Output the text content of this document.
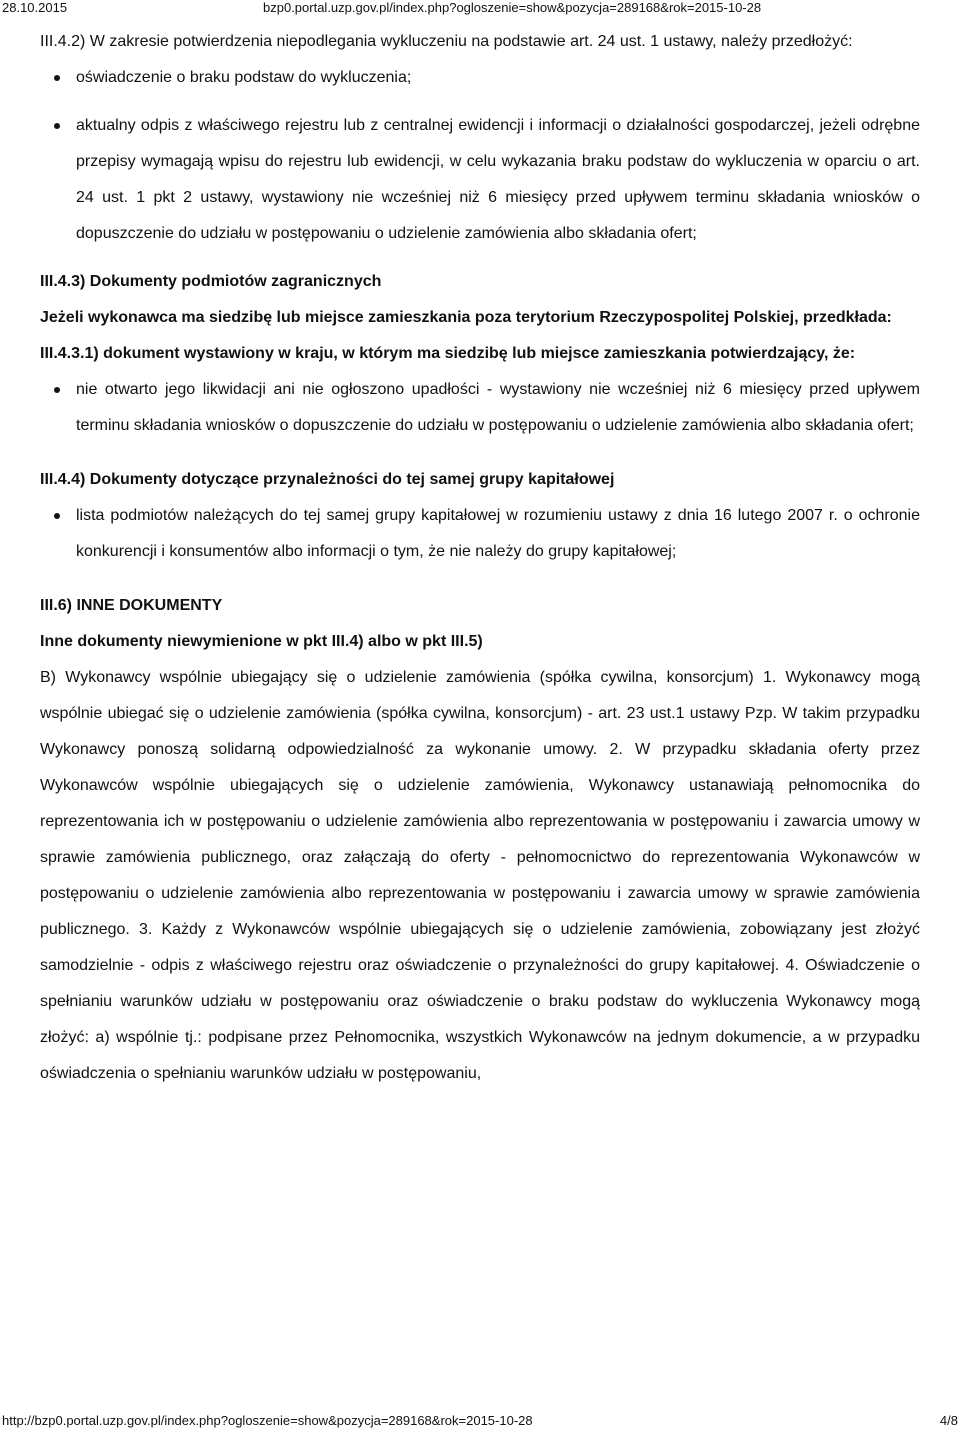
28.10.2015	bzp0.portal.uzp.gov.pl/index.php?ogloszenie=show&pozycja=289168&rok=2015-10-28

III.4.2) W zakresie potwierdzenia niepodlegania wykluczeniu na podstawie art. 24 ust. 1 ustawy, należy przedłożyć:

oświadczenie o braku podstaw do wykluczenia;
aktualny odpis z właściwego rejestru lub z centralnej ewidencji i informacji o działalności gospodarczej, jeżeli odrębne przepisy wymagają wpisu do rejestru lub ewidencji, w celu wykazania braku podstaw do wykluczenia w oparciu o art. 24 ust. 1 pkt 2 ustawy, wystawiony nie wcześniej niż 6 miesięcy przed upływem terminu składania wniosków o dopuszczenie do udziału w postępowaniu o udzielenie zamówienia albo składania ofert;

III.4.3) Dokumenty podmiotów zagranicznych

Jeżeli wykonawca ma siedzibę lub miejsce zamieszkania poza terytorium Rzeczypospolitej Polskiej, przedkłada:

III.4.3.1) dokument wystawiony w kraju, w którym ma siedzibę lub miejsce zamieszkania potwierdzający, że:

nie otwarto jego likwidacji ani nie ogłoszono upadłości - wystawiony nie wcześniej niż 6 miesięcy przed upływem terminu składania wniosków o dopuszczenie do udziału w postępowaniu o udzielenie zamówienia albo składania ofert;

III.4.4) Dokumenty dotyczące przynależności do tej samej grupy kapitałowej

lista podmiotów należących do tej samej grupy kapitałowej w rozumieniu ustawy z dnia 16 lutego 2007 r. o ochronie konkurencji i konsumentów albo informacji o tym, że nie należy do grupy kapitałowej;

III.6) INNE DOKUMENTY

Inne dokumenty niewymienione w pkt III.4) albo w pkt III.5)

B) Wykonawcy wspólnie ubiegający się o udzielenie zamówienia (spółka cywilna, konsorcjum) 1. Wykonawcy mogą wspólnie ubiegać się o udzielenie zamówienia (spółka cywilna, konsorcjum) - art. 23 ust.1 ustawy Pzp. W takim przypadku Wykonawcy ponoszą solidarną odpowiedzialność za wykonanie umowy. 2. W przypadku składania oferty przez Wykonawców wspólnie ubiegających się o udzielenie zamówienia, Wykonawcy ustanawiają pełnomocnika do reprezentowania ich w postępowaniu o udzielenie zamówienia albo reprezentowania w postępowaniu i zawarcia umowy w sprawie zamówienia publicznego, oraz załączają do oferty - pełnomocnictwo do reprezentowania Wykonawców w postępowaniu o udzielenie zamówienia albo reprezentowania w postępowaniu i zawarcia umowy w sprawie zamówienia publicznego. 3. Każdy z Wykonawców wspólnie ubiegających się o udzielenie zamówienia, zobowiązany jest złożyć samodzielnie - odpis z właściwego rejestru oraz oświadczenie o przynależności do grupy kapitałowej. 4. Oświadczenie o spełnianiu warunków udziału w postępowaniu oraz oświadczenie o braku podstaw do wykluczenia Wykonawcy mogą złożyć: a) wspólnie tj.: podpisane przez Pełnomocnika, wszystkich Wykonawców na jednym dokumencie, a w przypadku oświadczenia o spełnianiu warunków udziału w postępowaniu,

http://bzp0.portal.uzp.gov.pl/index.php?ogloszenie=show&pozycja=289168&rok=2015-10-28	4/8
